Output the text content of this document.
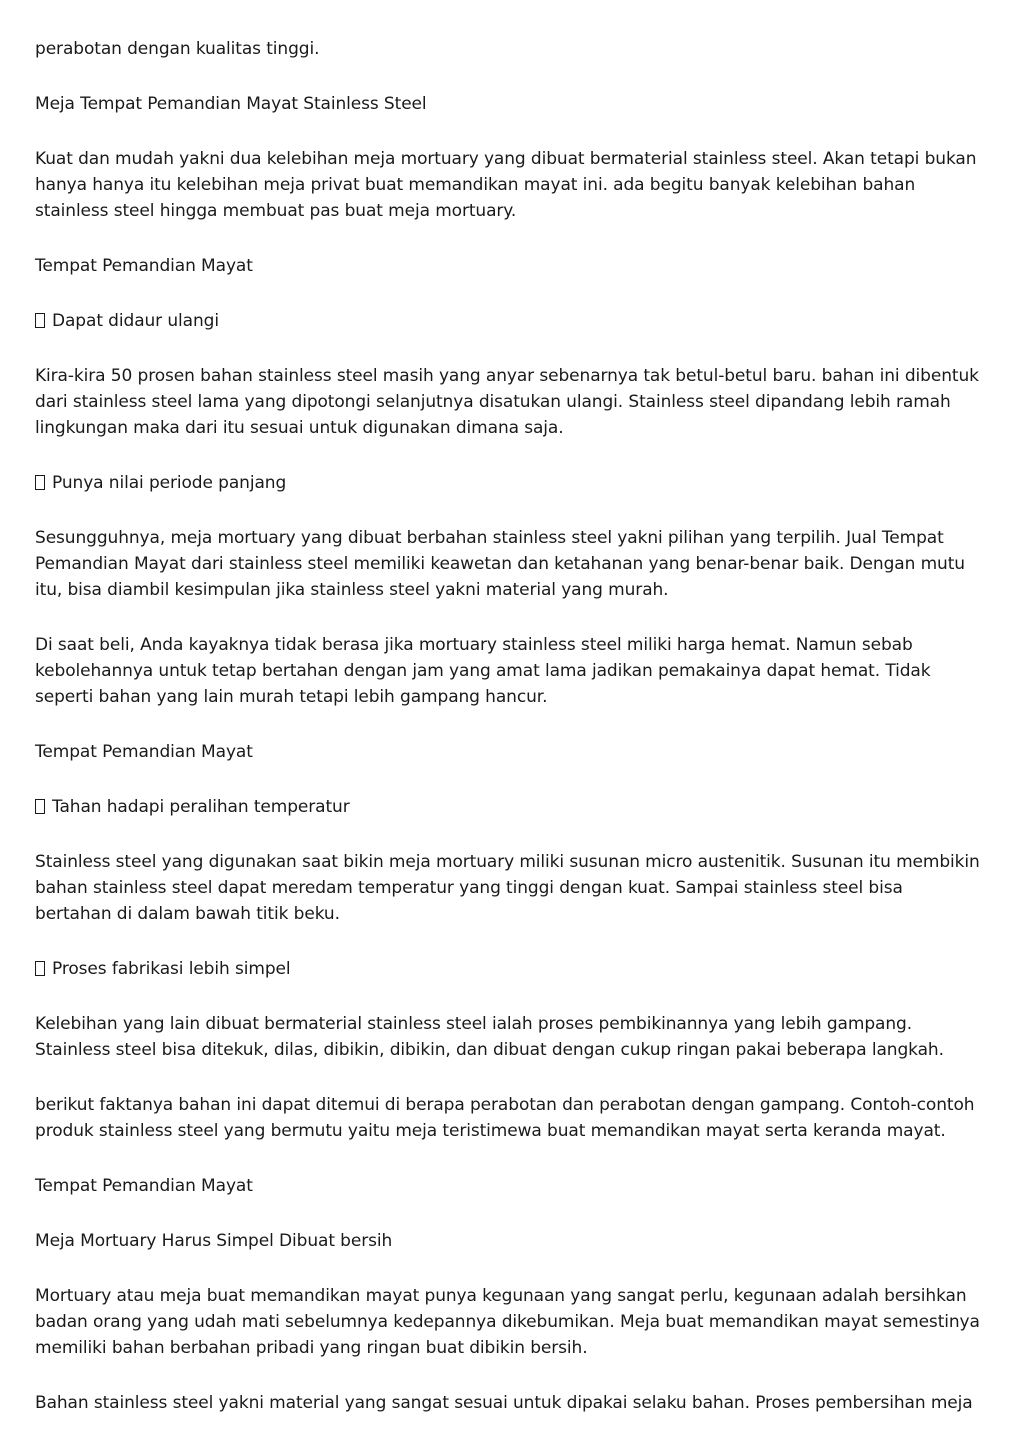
perabotan dengan kualitas tinggi.

Meja Tempat Pemandian Mayat Stainless Steel

Kuat dan mudah yakni dua kelebihan meja mortuary yang dibuat bermaterial stainless steel. Akan tetapi bukan hanya hanya itu kelebihan meja privat buat memandikan mayat ini. ada begitu banyak kelebihan bahan stainless steel hingga membuat pas buat meja mortuary.

Tempat Pemandian Mayat

Dapat didaur ulangi

Kira-kira 50 prosen bahan stainless steel masih yang anyar sebenarnya tak betul-betul baru. bahan ini dibentuk dari stainless steel lama yang dipotongi selanjutnya disatukan ulangi. Stainless steel dipandang lebih ramah lingkungan maka dari itu sesuai untuk digunakan dimana saja.

Punya nilai periode panjang

Sesungguhnya, meja mortuary yang dibuat berbahan stainless steel yakni pilihan yang terpilih. Jual Tempat Pemandian Mayat dari stainless steel memiliki keawetan dan ketahanan yang benar-benar baik. Dengan mutu itu, bisa diambil kesimpulan jika stainless steel yakni material yang murah.

Di saat beli, Anda kayaknya tidak berasa jika mortuary stainless steel miliki harga hemat. Namun sebab kebolehannya untuk tetap bertahan dengan jam yang amat lama jadikan pemakainya dapat hemat. Tidak seperti bahan yang lain murah tetapi lebih gampang hancur.

Tempat Pemandian Mayat

Tahan hadapi peralihan temperatur

Stainless steel yang digunakan saat bikin meja mortuary miliki susunan micro austenitik. Susunan itu membikin bahan stainless steel dapat meredam temperatur yang tinggi dengan kuat. Sampai stainless steel bisa bertahan di dalam bawah titik beku.

Proses fabrikasi lebih simpel

Kelebihan yang lain dibuat bermaterial stainless steel ialah proses pembikinannya yang lebih gampang. Stainless steel bisa ditekuk, dilas, dibikin, dibikin, dan dibuat dengan cukup ringan pakai beberapa langkah.

berikut faktanya bahan ini dapat ditemui di berapa perabotan dan perabotan dengan gampang. Contoh-contoh produk stainless steel yang bermutu yaitu meja teristimewa buat memandikan mayat serta keranda mayat.

Tempat Pemandian Mayat

Meja Mortuary Harus Simpel Dibuat bersih

Mortuary atau meja buat memandikan mayat punya kegunaan yang sangat perlu, kegunaan adalah bersihkan badan orang yang udah mati sebelumnya kedepannya dikebumikan. Meja buat memandikan mayat semestinya memiliki bahan berbahan pribadi yang ringan buat dibikin bersih.

Bahan stainless steel yakni material yang sangat sesuai untuk dipakai selaku bahan. Proses pembersihan meja
